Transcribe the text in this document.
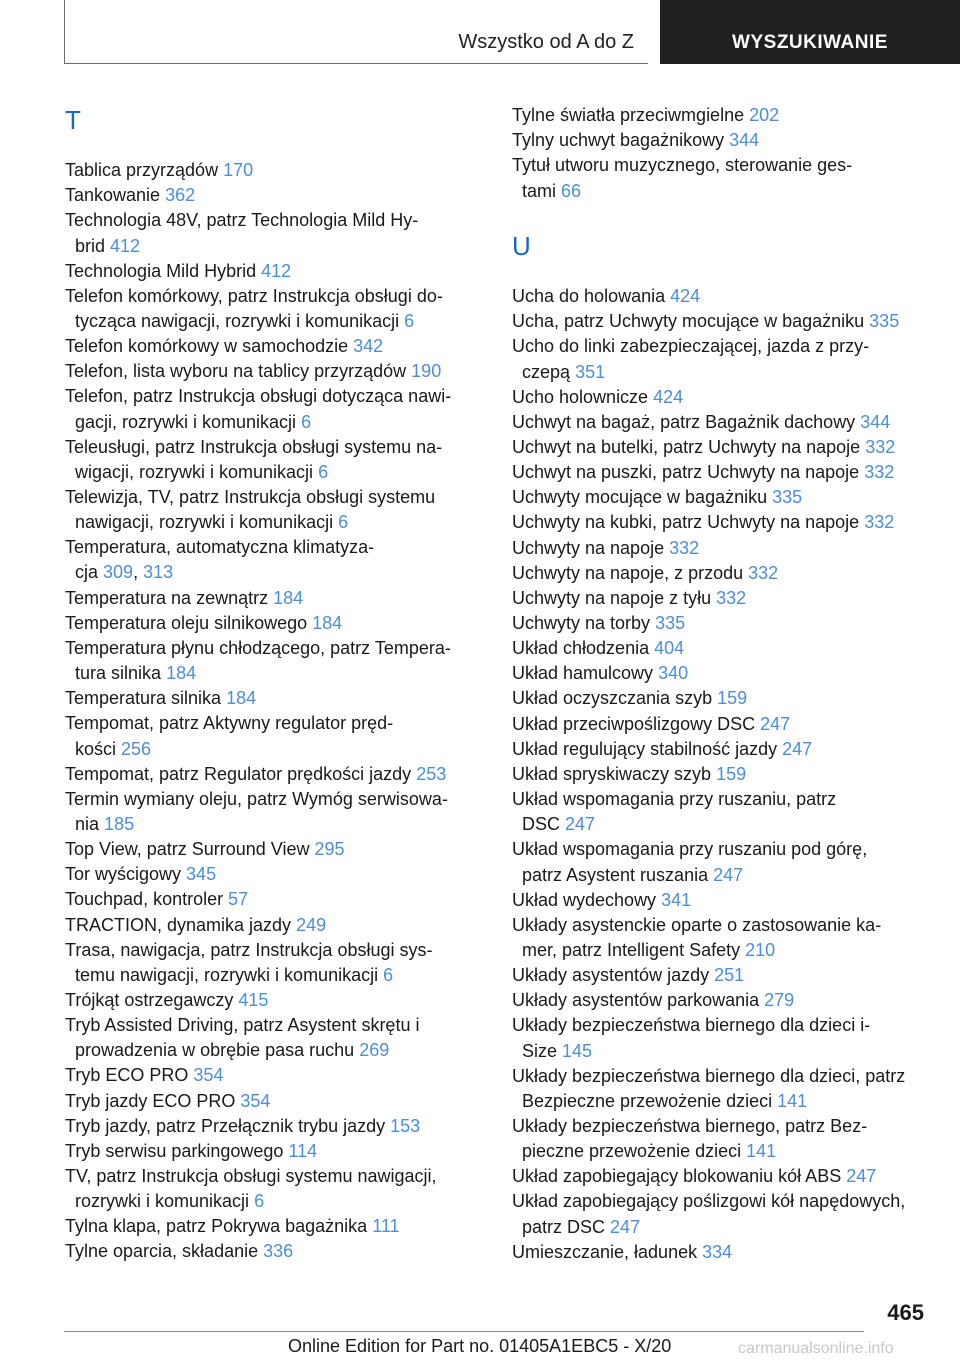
Wszystko od A do Z	WYSZUKIWANIE
T
Tablica przyrządów 170
Tankowanie 362
Technologia 48V, patrz Technologia Mild Hy-
brid 412
Technologia Mild Hybrid 412
Telefon komórkowy, patrz Instrukcja obsługi do-
tycząca nawigacji, rozrywki i komunikacji 6
Telefon komórkowy w samochodzie 342
Telefon, lista wyboru na tablicy przyrządów 190
Telefon, patrz Instrukcja obsługi dotycząca nawi-
gacji, rozrywki i komunikacji 6
Teleusługi, patrz Instrukcja obsługi systemu na-
wigacji, rozrywki i komunikacji 6
Telewizja, TV, patrz Instrukcja obsługi systemu
nawigacji, rozrywki i komunikacji 6
Temperatura, automatyczna klimatyza-
cja 309, 313
Temperatura na zewnątrz 184
Temperatura oleju silnikowego 184
Temperatura płynu chłodzącego, patrz Tempera-
tura silnika 184
Temperatura silnika 184
Tempomat, patrz Aktywny regulator pręd-
kości 256
Tempomat, patrz Regulator prędkości jazdy 253
Termin wymiany oleju, patrz Wymóg serwisowa-
nia 185
Top View, patrz Surround View 295
Tor wyścigowy 345
Touchpad, kontroler 57
TRACTION, dynamika jazdy 249
Trasa, nawigacja, patrz Instrukcja obsługi sys-
temu nawigacji, rozrywki i komunikacji 6
Trójkąt ostrzegawczy 415
Tryb Assisted Driving, patrz Asystent skrętu i
prowadzenia w obrębie pasa ruchu 269
Tryb ECO PRO 354
Tryb jazdy ECO PRO 354
Tryb jazdy, patrz Przełącznik trybu jazdy 153
Tryb serwisu parkingowego 114
TV, patrz Instrukcja obsługi systemu nawigacji,
rozrywki i komunikacji 6
Tylna klapa, patrz Pokrywa bagażnika 111
Tylne oparcia, składanie 336
Tylne światła przeciwmgielne 202
Tylny uchwyt bagażnikowy 344
Tytuł utworu muzycznego, sterowanie ges-
tami 66
U
Ucha do holowania 424
Ucha, patrz Uchwyty mocujące w bagażniku 335
Ucho do linki zabezpieczającej, jazda z przy-
czepą 351
Ucho holownicze 424
Uchwyt na bagaż, patrz Bagażnik dachowy 344
Uchwyt na butelki, patrz Uchwyty na napoje 332
Uchwyt na puszki, patrz Uchwyty na napoje 332
Uchwyty mocujące w bagażniku 335
Uchwyty na kubki, patrz Uchwyty na napoje 332
Uchwyty na napoje 332
Uchwyty na napoje, z przodu 332
Uchwyty na napoje z tyłu 332
Uchwyty na torby 335
Układ chłodzenia 404
Układ hamulcowy 340
Układ oczyszczania szyb 159
Układ przeciwpoślizgowy DSC 247
Układ regulujący stabilność jazdy 247
Układ spryskiwaczy szyb 159
Układ wspomagania przy ruszaniu, patrz
DSC 247
Układ wspomagania przy ruszaniu pod górę,
patrz Asystent ruszania 247
Układ wydechowy 341
Układy asystenckie oparte o zastosowanie ka-
mer, patrz Intelligent Safety 210
Układy asystentów jazdy 251
Układy asystentów parkowania 279
Układy bezpieczeństwa biernego dla dzieci i-
Size 145
Układy bezpieczeństwa biernego dla dzieci, patrz
Bezpieczne przewożenie dzieci 141
Układy bezpieczeństwa biernego, patrz Bez-
pieczne przewożenie dzieci 141
Układ zapobiegający blokowaniu kół ABS 247
Układ zapobiegający poślizgowi kół napędowych,
patrz DSC 247
Umieszczanie, ładunek 334
465
Online Edition for Part no. 01405A1EBC5 - X/20	carmanualsonline.info
